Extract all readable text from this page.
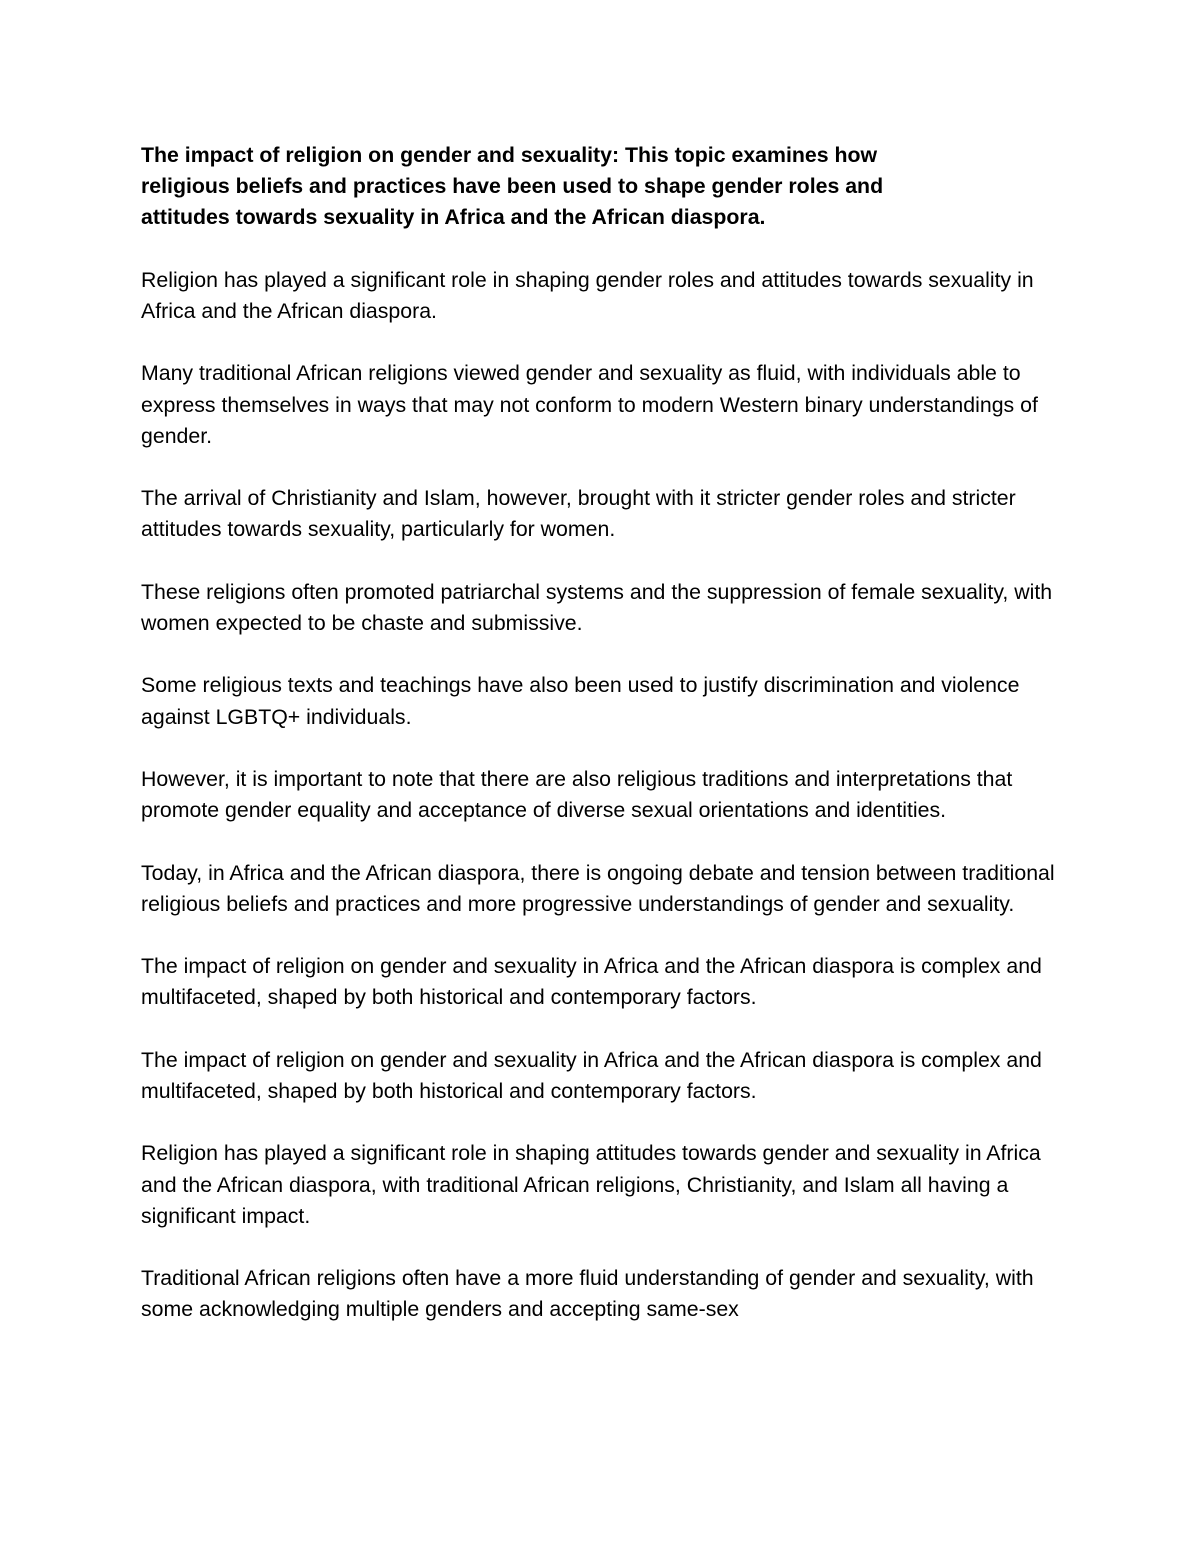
The impact of religion on gender and sexuality: This topic examines how religious beliefs and practices have been used to shape gender roles and attitudes towards sexuality in Africa and the African diaspora.

Religion has played a significant role in shaping gender roles and attitudes towards sexuality in Africa and the African diaspora.

Many traditional African religions viewed gender and sexuality as fluid, with individuals able to express themselves in ways that may not conform to modern Western binary understandings of gender.

The arrival of Christianity and Islam, however, brought with it stricter gender roles and stricter attitudes towards sexuality, particularly for women.

These religions often promoted patriarchal systems and the suppression of female sexuality, with women expected to be chaste and submissive.

Some religious texts and teachings have also been used to justify discrimination and violence against LGBTQ+ individuals.

However, it is important to note that there are also religious traditions and interpretations that promote gender equality and acceptance of diverse sexual orientations and identities.

Today, in Africa and the African diaspora, there is ongoing debate and tension between traditional religious beliefs and practices and more progressive understandings of gender and sexuality.

The impact of religion on gender and sexuality in Africa and the African diaspora is complex and multifaceted, shaped by both historical and contemporary factors.

The impact of religion on gender and sexuality in Africa and the African diaspora is complex and multifaceted, shaped by both historical and contemporary factors.

Religion has played a significant role in shaping attitudes towards gender and sexuality in Africa and the African diaspora, with traditional African religions, Christianity, and Islam all having a significant impact.

Traditional African religions often have a more fluid understanding of gender and sexuality, with some acknowledging multiple genders and accepting same-sex
